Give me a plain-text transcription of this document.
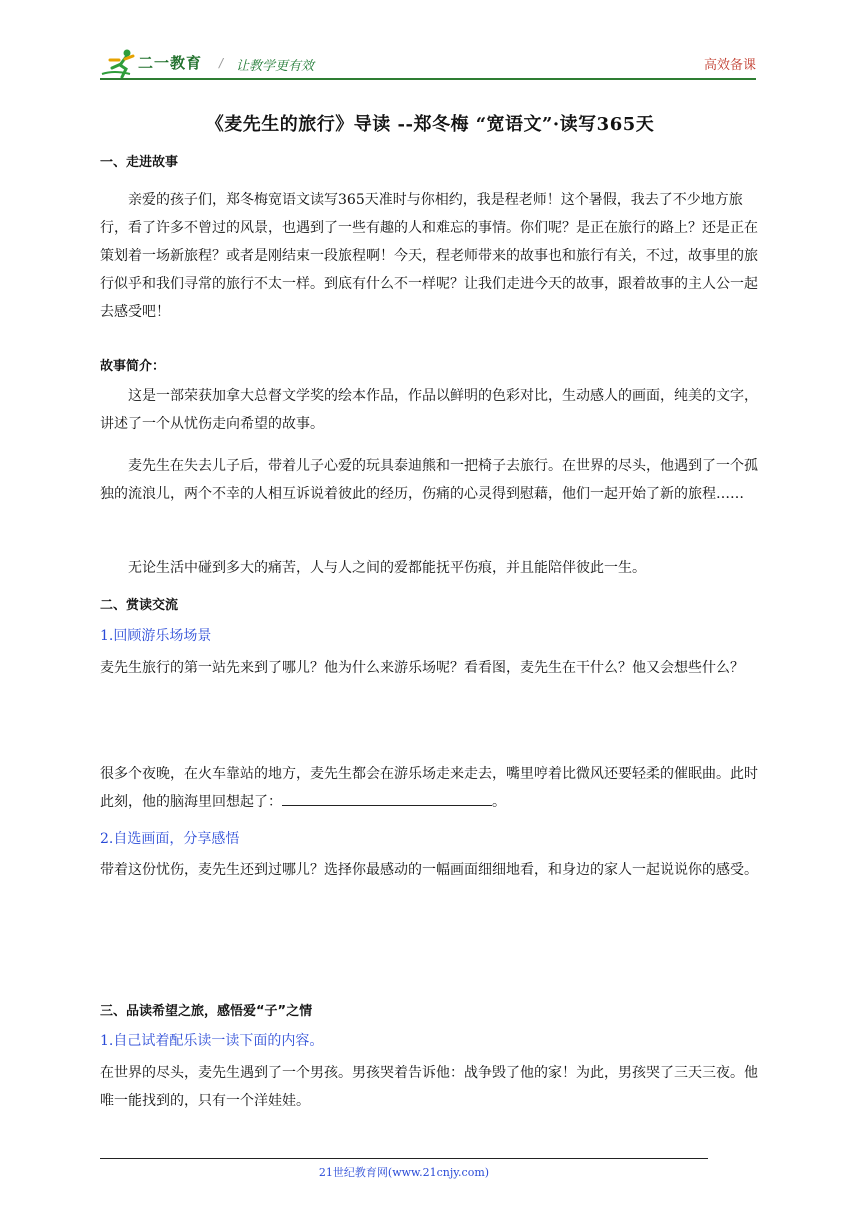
二一教育 / 让教学更有效	高效备课
《麦先生的旅行》导读 --郑冬梅 “宽语文”·读写365天
一、走进故事
亲爱的孩子们，郑冬梅宽语文读写365天准时与你相约，我是程老师！这个暑假，我去了不少地方旅行，看了许多不曾过的风景，也遇到了一些有趣的人和难忘的事情。你们呢？是正在旅行的路上？还是正在策划着一场新旅程？或者是刚结束一段旅程啊！今天，程老师带来的故事也和旅行有关，不过，故事里的旅行似乎和我们寻常的旅行不太一样。到底有什么不一样呢？让我们走进今天的故事，跟着故事的主人公一起去感受吧！
故事简介：
这是一部荣获加拿大总督文学奖的绘本作品，作品以鲜明的色彩对比，生动感人的画面，纯美的文字，讲述了一个从忧伤走向希望的故事。
麦先生在失去儿子后，带着儿子心爱的玩具泰迪熊和一把椅子去旅行。在世界的尽头，他遇到了一个孤独的流浪儿，两个不幸的人相互诉说着彼此的经历，伤痛的心灵得到慰藉，他们一起开始了新的旅程……
无论生活中碰到多大的痛苦，人与人之间的爱都能抚平伤痕，并且能陪伴彼此一生。
二、赏读交流
1.回顾游乐场场景
麦先生旅行的第一站先来到了哪儿？他为什么来游乐场呢？看看图，麦先生在干什么？他又会想些什么？
很多个夜晚，在火车靠站的地方，麦先生都会在游乐场走来走去，嘴里哼着比微风还要轻柔的催眠曲。此时此刻，他的脑海里回想起了：	。
2.自选画面，分享感悟
带着这份忧伤，麦先生还到过哪儿？选择你最感动的一幅画面细细地看，和身边的家人一起说说你的感受。
三、品读希望之旅，感悟爱“子”之情
1.自己试着配乐读一读下面的内容。
在世界的尽头，麦先生遇到了一个男孩。男孩哭着告诉他：战争毁了他的家！为此，男孩哭了三天三夜。他唯一能找到的，只有一个洋娃娃。
21世纪教育网(www.21cnjy.com)
